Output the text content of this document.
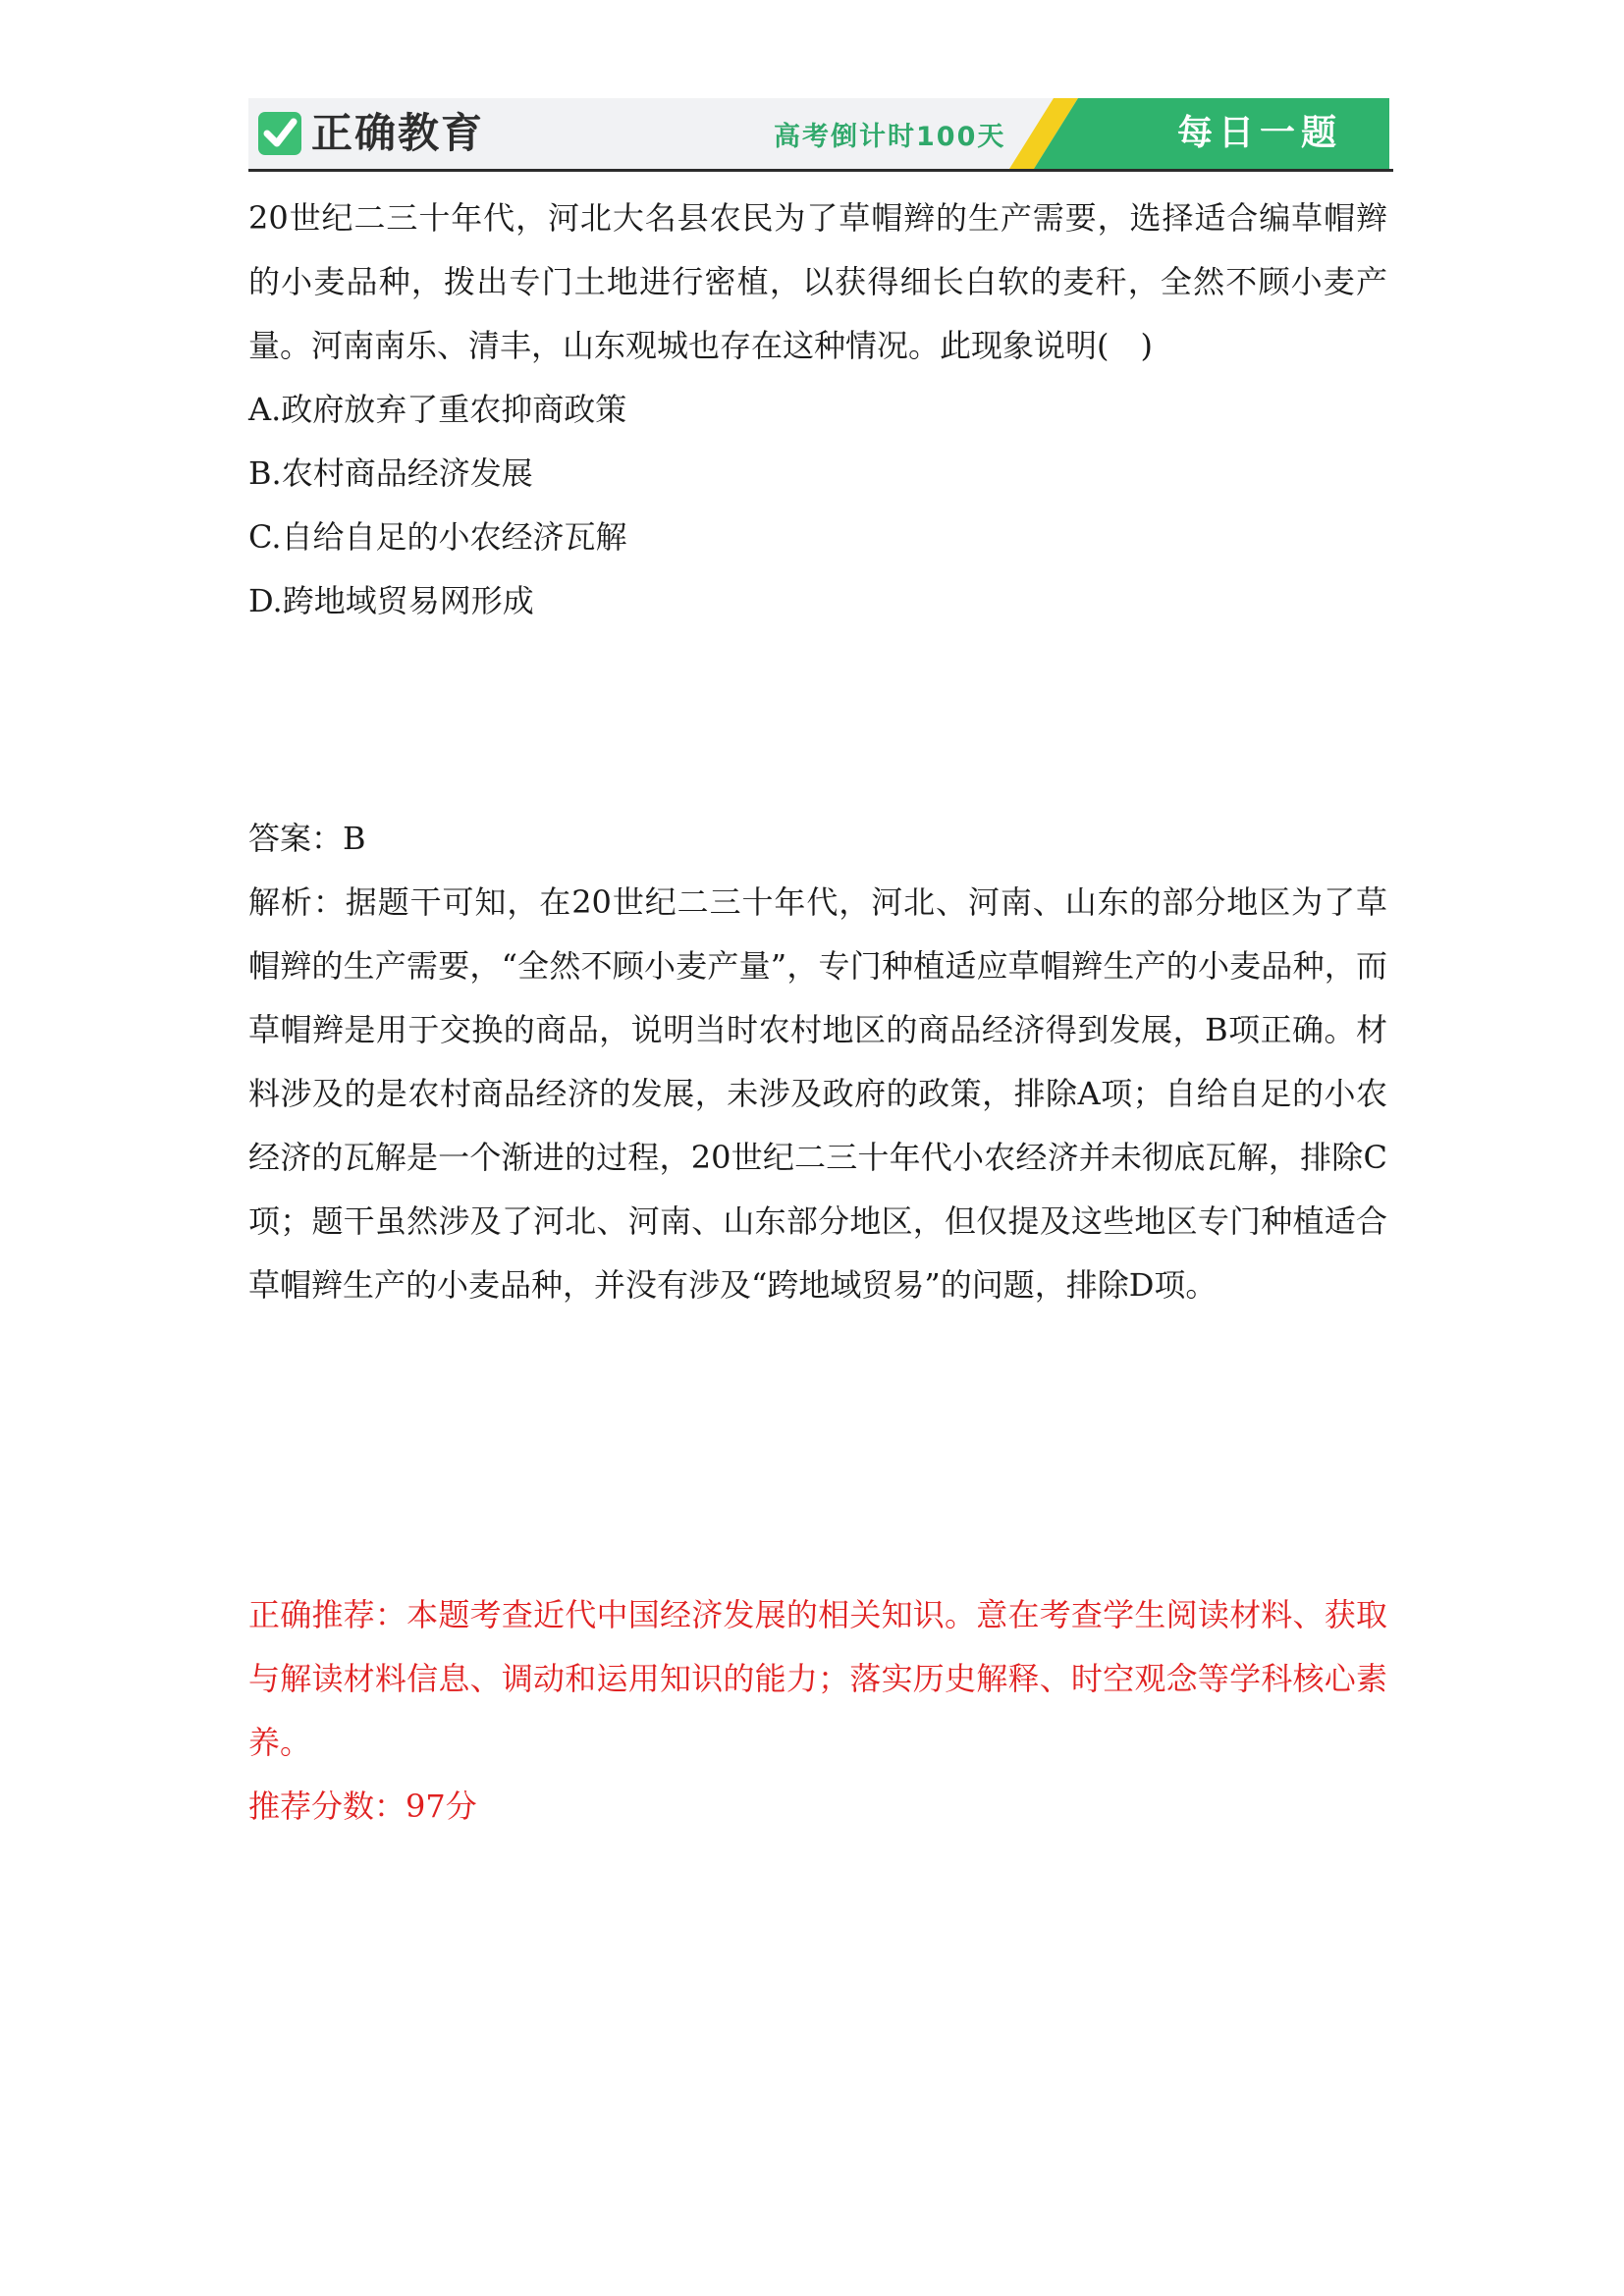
正确教育	高考倒计时100天	每日一题

20世纪二三十年代，河北大名县农民为了草帽辫的生产需要，选择适合编草帽辫的小麦品种，拨出专门土地进行密植，以获得细长白软的麦秆，全然不顾小麦产量。河南南乐、清丰，山东观城也存在这种情况。此现象说明(　)

A.政府放弃了重农抑商政策

B.农村商品经济发展

C.自给自足的小农经济瓦解

D.跨地域贸易网形成

答案：B

解析：据题干可知，在20世纪二三十年代，河北、河南、山东的部分地区为了草帽辫的生产需要，“全然不顾小麦产量”，专门种植适应草帽辫生产的小麦品种，而草帽辫是用于交换的商品，说明当时农村地区的商品经济得到发展，B项正确。材料涉及的是农村商品经济的发展，未涉及政府的政策，排除A项；自给自足的小农经济的瓦解是一个渐进的过程，20世纪二三十年代小农经济并未彻底瓦解，排除C项；题干虽然涉及了河北、河南、山东部分地区，但仅提及这些地区专门种植适合草帽辫生产的小麦品种，并没有涉及“跨地域贸易”的问题，排除D项。

正确推荐：本题考查近代中国经济发展的相关知识。意在考查学生阅读材料、获取与解读材料信息、调动和运用知识的能力；落实历史解释、时空观念等学科核心素养。

推荐分数：97分
